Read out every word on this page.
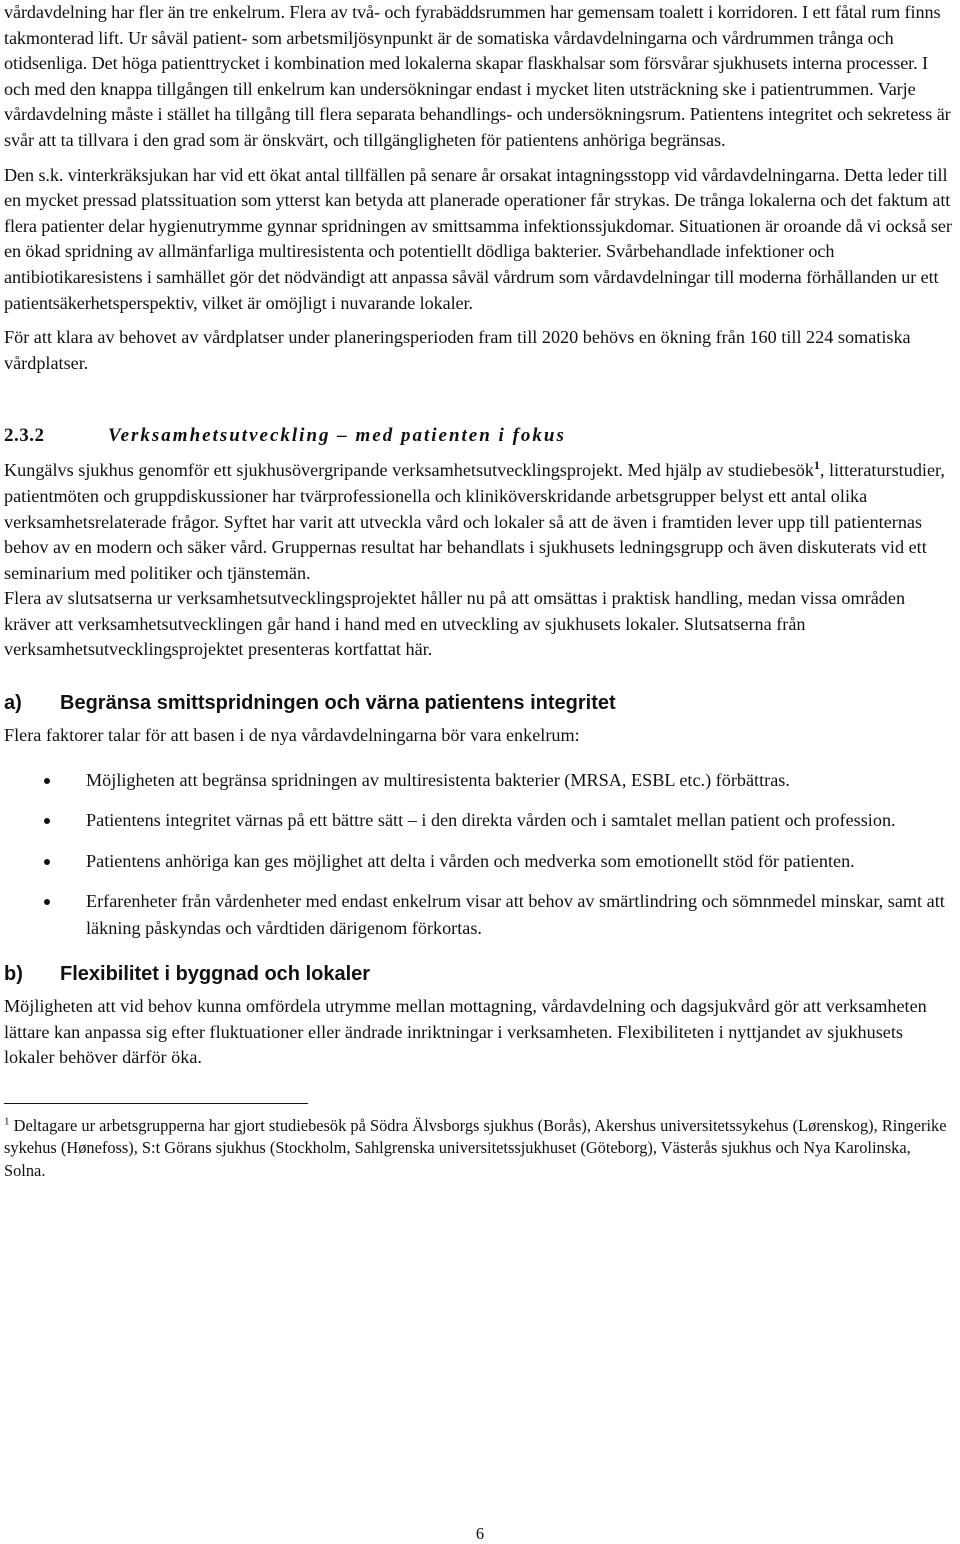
vårdavdelning har fler än tre enkelrum. Flera av två- och fyrabäddsrummen har gemensam toalett i korridoren. I ett fåtal rum finns takmonterad lift. Ur såväl patient- som arbetsmiljösynpunkt är de somatiska vårdavdelningarna och vårdrummen trånga och otidsenliga. Det höga patienttrycket i kombination med lokalerna skapar flaskhalsar som försvårar sjukhusets interna processer. I och med den knappa tillgången till enkelrum kan undersökningar endast i mycket liten utsträckning ske i patientrummen. Varje vårdavdelning måste i stället ha tillgång till flera separata behandlings- och undersökningsrum. Patientens integritet och sekretess är svår att ta tillvara i den grad som är önskvärt, och tillgängligheten för patientens anhöriga begränsas.

Den s.k. vinterkräksjukan har vid ett ökat antal tillfällen på senare år orsakat intagningsstopp vid vårdavdelningarna. Detta leder till en mycket pressad platssituation som ytterst kan betyda att planerade operationer får strykas. De trånga lokalerna och det faktum att flera patienter delar hygienutrymme gynnar spridningen av smittsamma infektionssjukdomar. Situationen är oroande då vi också ser en ökad spridning av allmänfarliga multiresistenta och potentiellt dödliga bakterier. Svårbehandlade infektioner och antibiotikaresistens i samhället gör det nödvändigt att anpassa såväl vårdrum som vårdavdelningar till moderna förhållanden ur ett patientsäkerhetsperspektiv, vilket är omöjligt i nuvarande lokaler.

För att klara av behovet av vårdplatser under planeringsperioden fram till 2020 behövs en ökning från 160 till 224 somatiska vårdplatser.

2.3.2	Verksamhetsutveckling – med patienten i fokus

Kungälvs sjukhus genomför ett sjukhusövergripande verksamhetsutvecklingsprojekt. Med hjälp av studiebesök$^1$, litteraturstudier, patientmöten och gruppdiskussioner har tvärprofessionella och kliniköverskridande arbetsgrupper belyst ett antal olika verksamhetsrelaterade frågor. Syftet har varit att utveckla vård och lokaler så att de även i framtiden lever upp till patienternas behov av en modern och säker vård. Gruppernas resultat har behandlats i sjukhusets ledningsgrupp och även diskuterats vid ett seminarium med politiker och tjänstemän.

Flera av slutsatserna ur verksamhetsutvecklingsprojektet håller nu på att omsättas i praktisk handling, medan vissa områden kräver att verksamhetsutvecklingen går hand i hand med en utveckling av sjukhusets lokaler. Slutsatserna från verksamhetsutvecklingsprojektet presenteras kortfattat här.

a)	Begränsa smittspridningen och värna patientens integritet

Flera faktorer talar för att basen i de nya vårdavdelningarna bör vara enkelrum:

Möjligheten att begränsa spridningen av multiresistenta bakterier (MRSA, ESBL etc.) förbättras.
Patientens integritet värnas på ett bättre sätt – i den direkta vården och i samtalet mellan patient och profession.
Patientens anhöriga kan ges möjlighet att delta i vården och medverka som emotionellt stöd för patienten.
Erfarenheter från vårdenheter med endast enkelrum visar att behov av smärtlindring och sömnmedel minskar, samt att läkning påskyndas och vårdtiden därigenom förkortas.
b)	Flexibilitet i byggnad och lokaler

Möjligheten att vid behov kunna omfördela utrymme mellan mottagning, vårdavdelning och dagsjukvård gör att verksamheten lättare kan anpassa sig efter fluktuationer eller ändrade inriktningar i verksamheten. Flexibiliteten i nyttjandet av sjukhusets lokaler behöver därför öka.

$^1$ Deltagare ur arbetsgrupperna har gjort studiebesök på Södra Älvsborgs sjukhus (Borås), Akershus universitetssykehus (Lørenskog), Ringerike sykehus (Hønefoss), S:t Görans sjukhus (Stockholm, Sahlgrenska universitetssjukhuset (Göteborg), Västerås sjukhus och Nya Karolinska, Solna.

6
